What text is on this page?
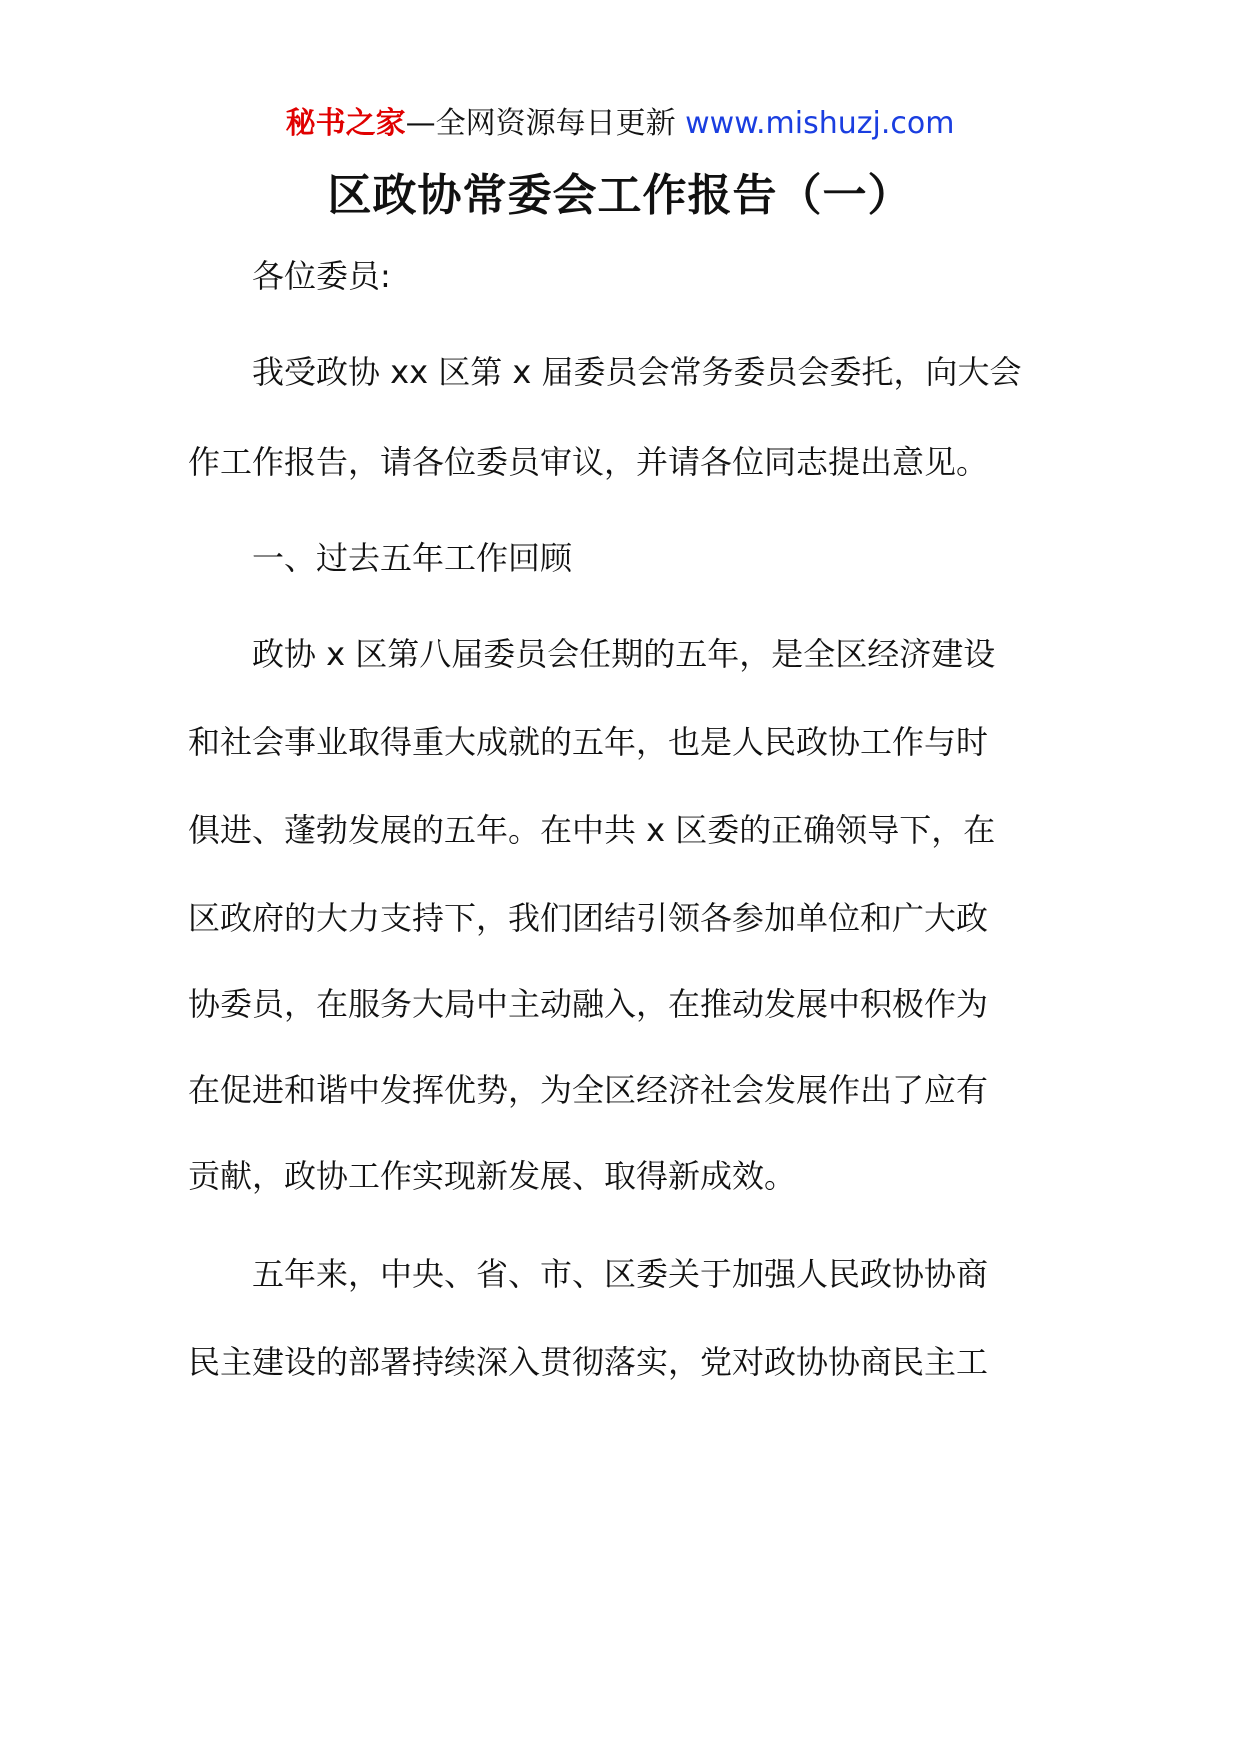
秘书之家—全网资源每日更新 www.mishuzj.com
区政协常委会工作报告（一）
各位委员:
我受政协 xx 区第 x 届委员会常务委员会委托，向大会
作工作报告，请各位委员审议，并请各位同志提出意见。
一、过去五年工作回顾
政协 x 区第八届委员会任期的五年，是全区经济建设
和社会事业取得重大成就的五年，也是人民政协工作与时
俱进、蓬勃发展的五年。在中共 x 区委的正确领导下，在
区政府的大力支持下，我们团结引领各参加单位和广大政
协委员，在服务大局中主动融入，在推动发展中积极作为
在促进和谐中发挥优势，为全区经济社会发展作出了应有
贡献，政协工作实现新发展、取得新成效。
五年来，中央、省、市、区委关于加强人民政协协商
民主建设的部署持续深入贯彻落实，党对政协协商民主工
